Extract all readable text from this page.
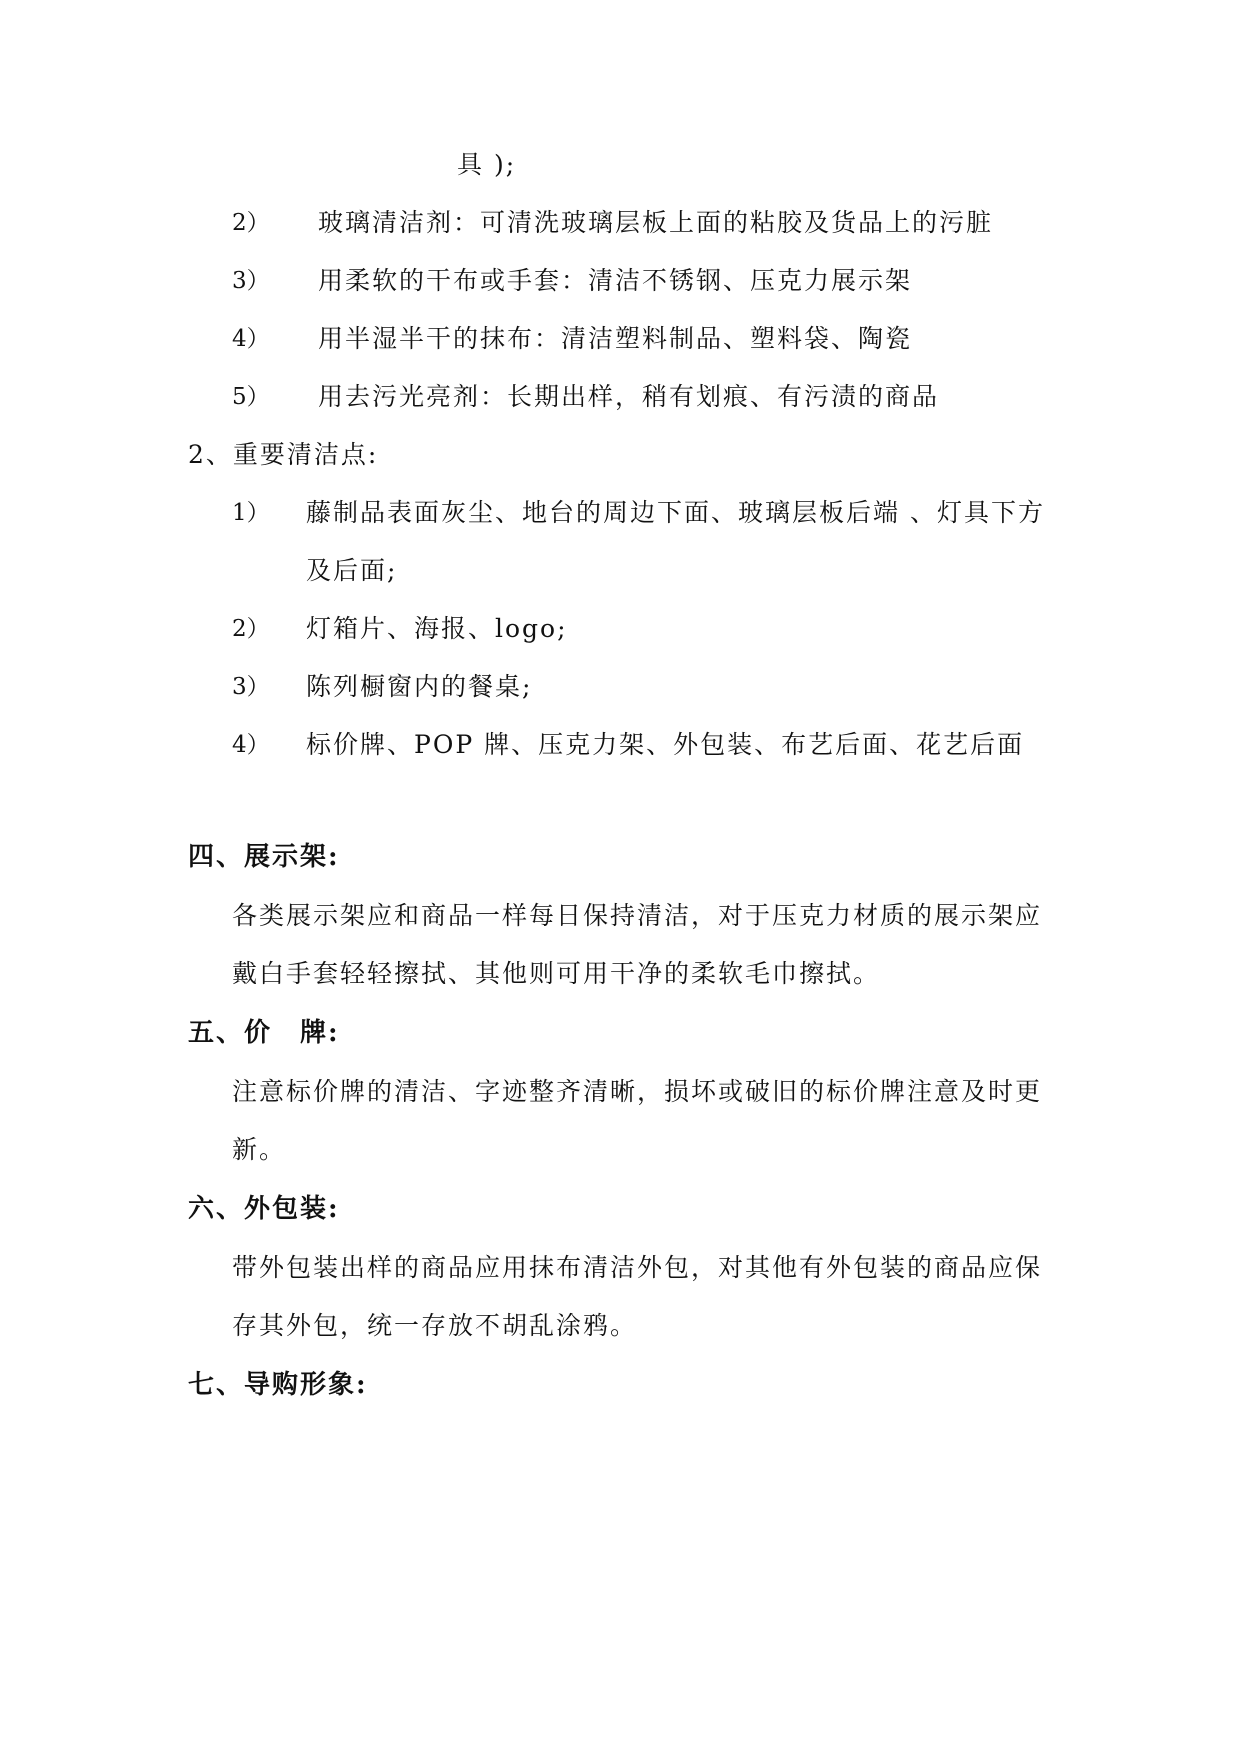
具 );
2） 玻璃清洁剂：可清洗玻璃层板上面的粘胶及货品上的污脏
3） 用柔软的干布或手套：清洁不锈钢、压克力展示架
4） 用半湿半干的抹布：清洁塑料制品、塑料袋、陶瓷
5） 用去污光亮剂：长期出样，稍有划痕、有污渍的商品
2、重要清洁点:
1） 藤制品表面灰尘、地台的周边下面、玻璃层板后端 、灯具下方
及后面;
2） 灯箱片、海报、logo;
3） 陈列橱窗内的餐桌;
4） 标价牌、POP 牌、压克力架、外包装、布艺后面、花艺后面
四、展示架:
各类展示架应和商品一样每日保持清洁，对于压克力材质的展示架应
戴白手套轻轻擦拭、其他则可用干净的柔软毛巾擦拭。
五、价　牌:
注意标价牌的清洁、字迹整齐清晰，损坏或破旧的标价牌注意及时更
新。
六、外包装:
带外包装出样的商品应用抹布清洁外包，对其他有外包装的商品应保
存其外包，统一存放不胡乱涂鸦。
七、导购形象:
